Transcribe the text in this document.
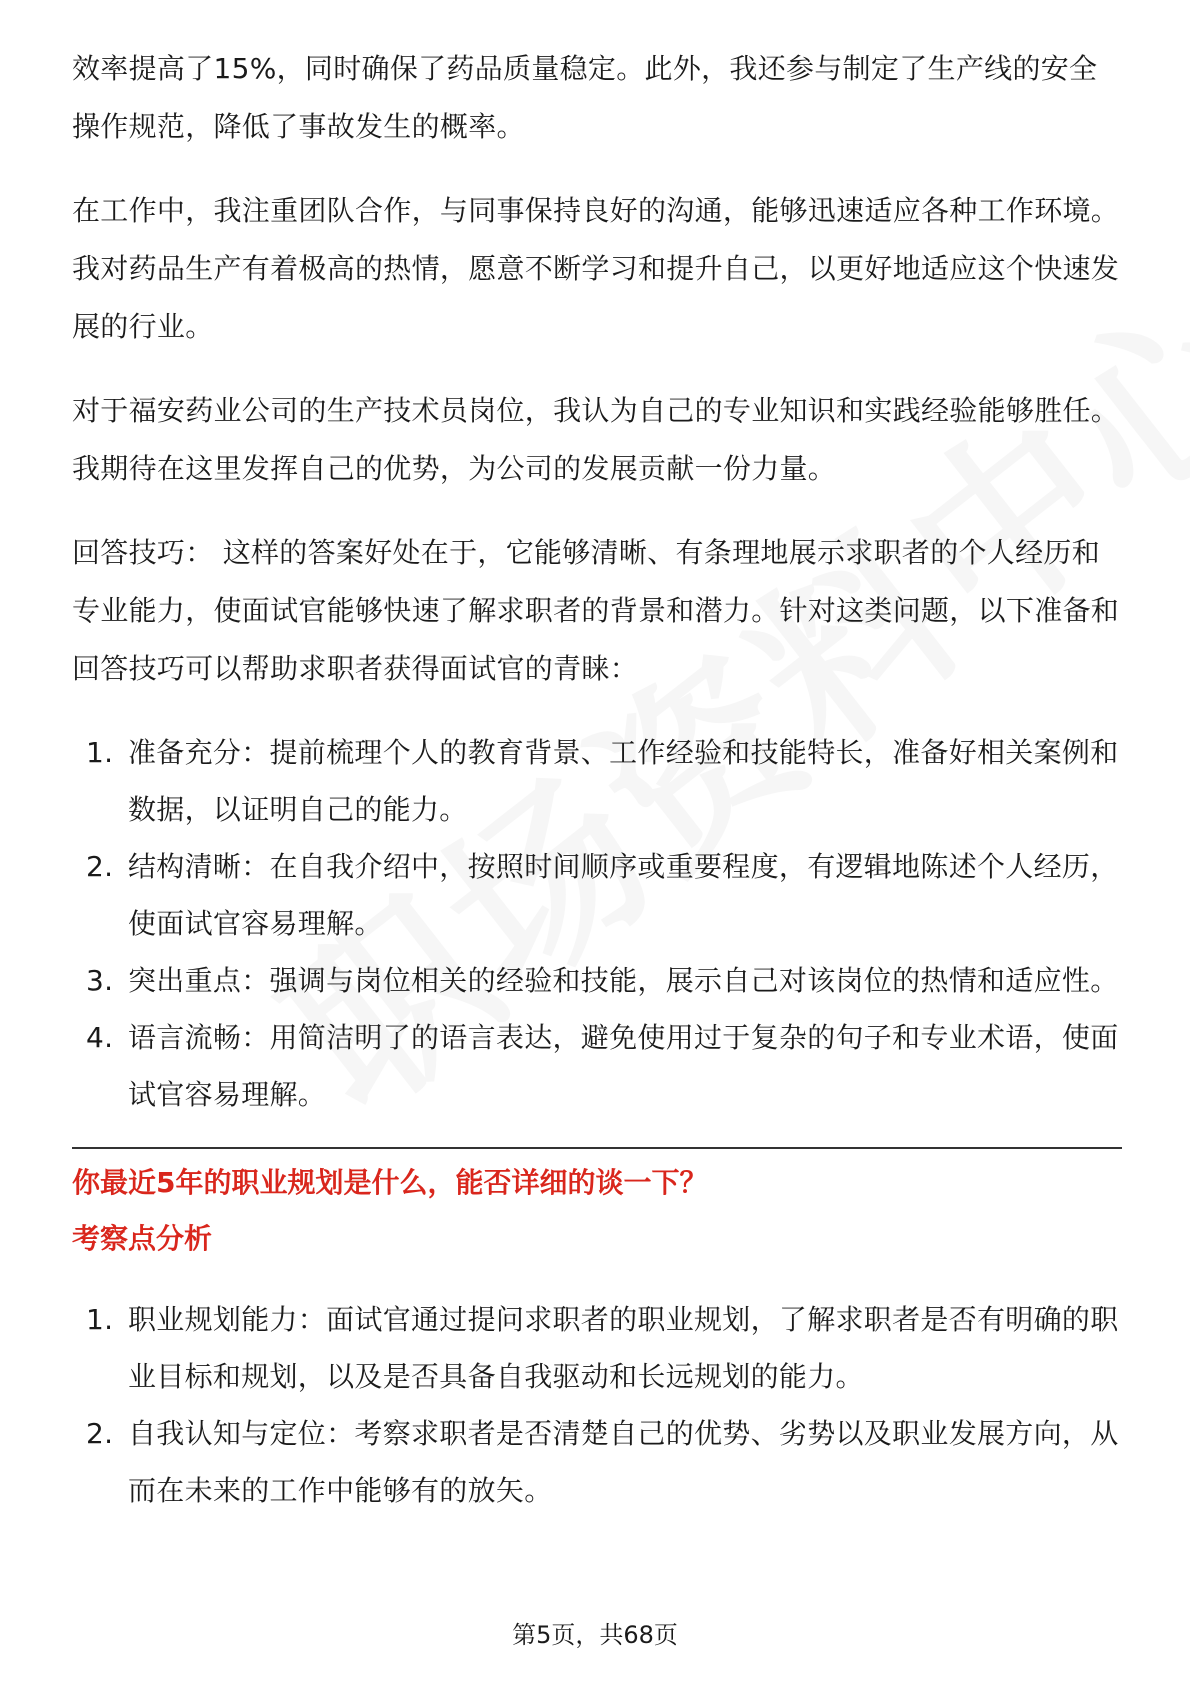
效率提高了15%，同时确保了药品质量稳定。此外，我还参与制定了生产线的安全操作规范，降低了事故发生的概率。

在工作中，我注重团队合作，与同事保持良好的沟通，能够迅速适应各种工作环境。我对药品生产有着极高的热情，愿意不断学习和提升自己，以更好地适应这个快速发展的行业。

对于福安药业公司的生产技术员岗位，我认为自己的专业知识和实践经验能够胜任。我期待在这里发挥自己的优势，为公司的发展贡献一份力量。

回答技巧： 这样的答案好处在于，它能够清晰、有条理地展示求职者的个人经历和专业能力，使面试官能够快速了解求职者的背景和潜力。针对这类问题，以下准备和回答技巧可以帮助求职者获得面试官的青睐：

1. 准备充分：提前梳理个人的教育背景、工作经验和技能特长，准备好相关案例和数据，以证明自己的能力。
2. 结构清晰：在自我介绍中，按照时间顺序或重要程度，有逻辑地陈述个人经历，使面试官容易理解。
3. 突出重点：强调与岗位相关的经验和技能，展示自己对该岗位的热情和适应性。
4. 语言流畅：用简洁明了的语言表达，避免使用过于复杂的句子和专业术语，使面试官容易理解。

你最近5年的职业规划是什么，能否详细的谈一下？

考察点分析

1. 职业规划能力：面试官通过提问求职者的职业规划，了解求职者是否有明确的职业目标和规划，以及是否具备自我驱动和长远规划的能力。
2. 自我认知与定位：考察求职者是否清楚自己的优势、劣势以及职业发展方向，从而在未来的工作中能够有的放矢。
第5页，共68页
